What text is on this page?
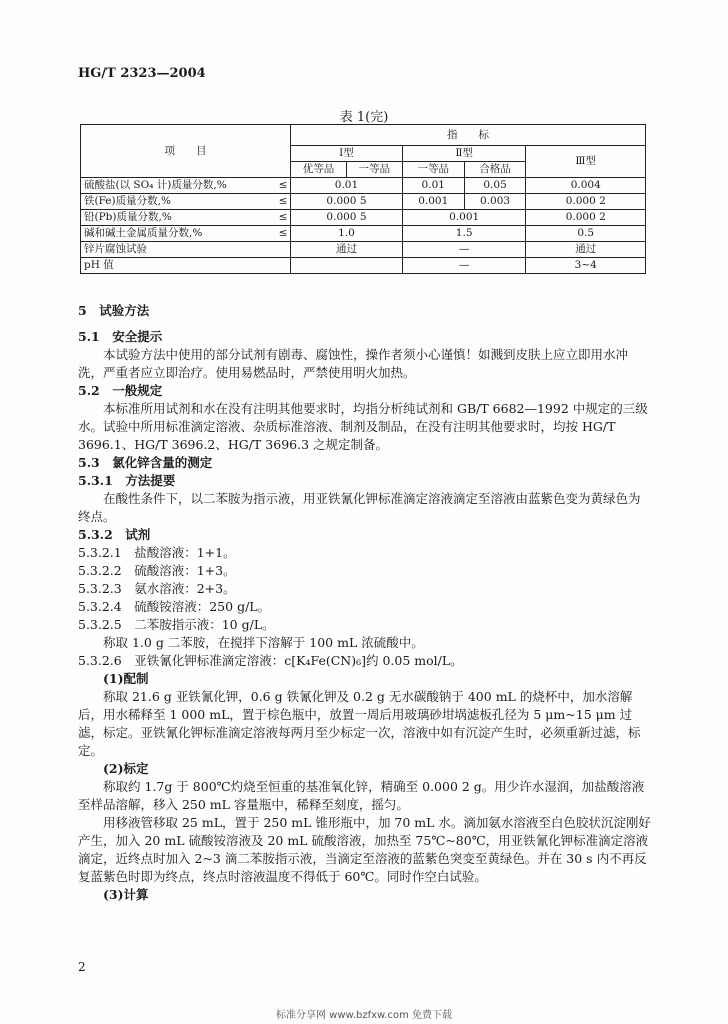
HG/T 2323—2004
表 1(完)
项　　目		指　　标				
		Ⅰ型		Ⅱ型		Ⅲ型
		优等品	一等品	一等品	合格品	
硫酸盐(以 SO₄ 计)质量分数,%	≤	0.01		0.01	0.05	0.004
铁(Fe)质量分数,%	≤	0.000 5		0.001	0.003	0.000 2
铅(Pb)质量分数,%	≤	0.000 5		0.001		0.000 2
碱和碱土金属质量分数,%	≤	1.0		1.5		0.5
锌片腐蚀试验		通过		—		通过
pH 值				—		3~4

5　试验方法

5.1　安全提示

本试验方法中使用的部分试剂有剧毒、腐蚀性，操作者须小心谨慎！如溅到皮肤上应立即用水冲洗，严重者应立即治疗。使用易燃品时，严禁使用明火加热。

5.2　一般规定

本标准所用试剂和水在没有注明其他要求时，均指分析纯试剂和 GB/T 6682—1992 中规定的三级水。试验中所用标准滴定溶液、杂质标准溶液、制剂及制品，在没有注明其他要求时，均按 HG/T 3696.1、HG/T 3696.2、HG/T 3696.3 之规定制备。

5.3　氯化锌含量的测定

5.3.1　方法提要

在酸性条件下，以二苯胺为指示液，用亚铁氰化钾标准滴定溶液滴定至溶液由蓝紫色变为黄绿色为终点。

5.3.2　试剂

5.3.2.1　盐酸溶液：1+1。

5.3.2.2　硫酸溶液：1+3。

5.3.2.3　氨水溶液：2+3。

5.3.2.4　硫酸铵溶液：250 g/L。

5.3.2.5　二苯胺指示液：10 g/L。

称取 1.0 g 二苯胺，在搅拌下溶解于 100 mL 浓硫酸中。

5.3.2.6　亚铁氰化钾标准滴定溶液：c[K₄Fe(CN)₆]约 0.05 mol/L。

(1)配制

称取 21.6 g 亚铁氰化钾，0.6 g 铁氰化钾及 0.2 g 无水碳酸钠于 400 mL 的烧杯中，加水溶解后，用水稀释至 1 000 mL，置于棕色瓶中，放置一周后用玻璃砂坩埚滤板孔径为 5 μm~15 μm 过滤，标定。亚铁氰化钾标准滴定溶液每两月至少标定一次，溶液中如有沉淀产生时，必须重新过滤，标定。

(2)标定

称取约 1.7g 于 800℃灼烧至恒重的基准氧化锌，精确至 0.000 2 g。用少许水湿润，加盐酸溶液至样品溶解，移入 250 mL 容量瓶中，稀释至刻度，摇匀。

用移液管移取 25 mL，置于 250 mL 锥形瓶中，加 70 mL 水。滴加氨水溶液至白色胶状沉淀刚好产生，加入 20 mL 硫酸铵溶液及 20 mL 硫酸溶液，加热至 75℃~80℃，用亚铁氰化钾标准滴定溶液滴定，近终点时加入 2~3 滴二苯胺指示液，当滴定至溶液的蓝紫色突变至黄绿色。并在 30 s 内不再反复蓝紫色时即为终点，终点时溶液温度不得低于 60℃。同时作空白试验。

(3)计算

2
标准分享网 www.bzfxw.com 免费下载
